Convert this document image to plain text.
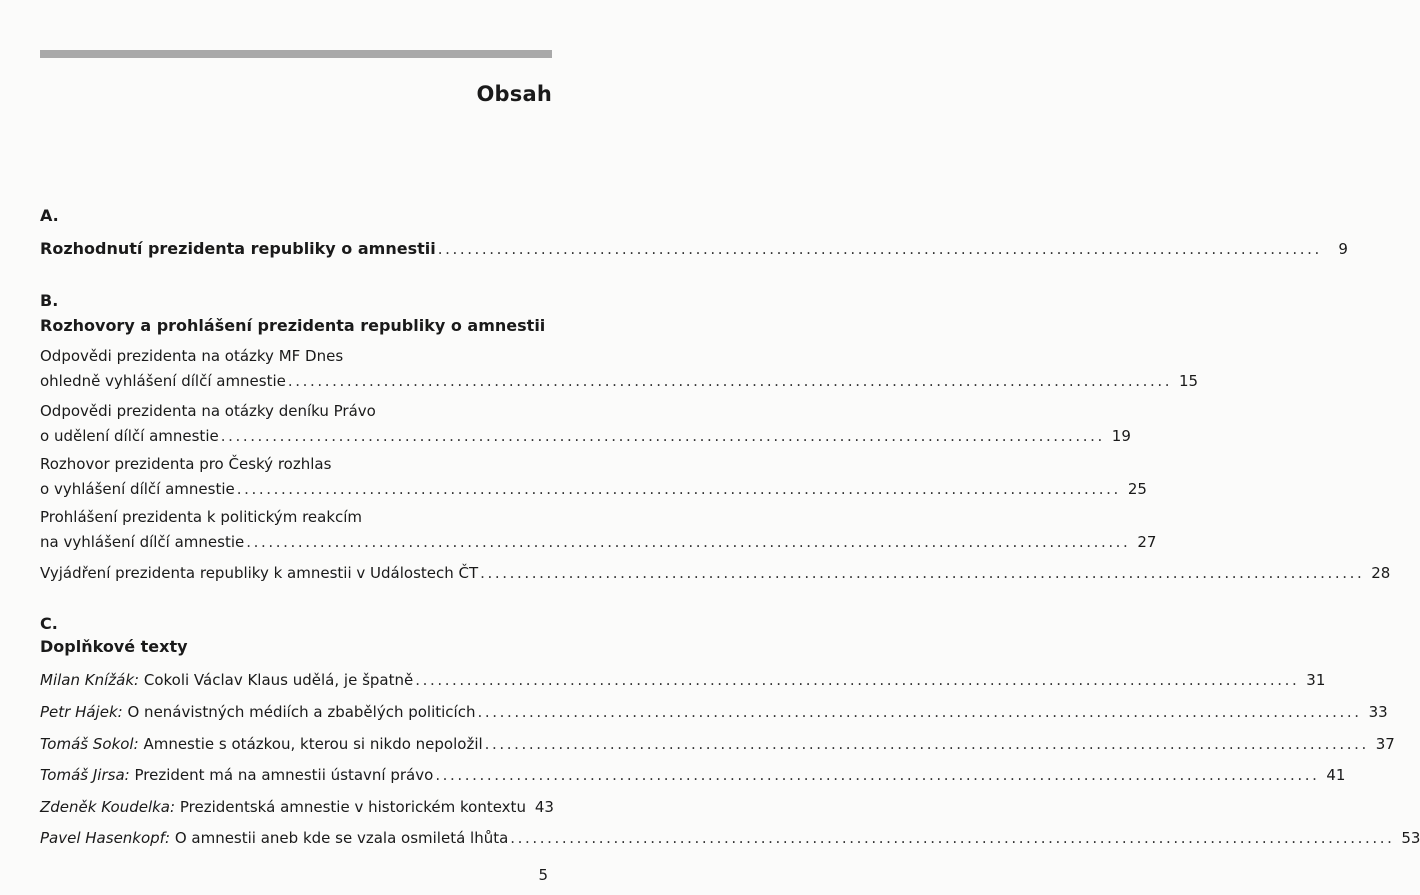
Obsah
A.
Rozhodnutí prezidenta republiky o amnestii ........................................................................................................................	9
B.
Rozhovory a prohlášení prezidenta republiky o amnestii
Odpovědi prezidenta na otázky MF Dnes
ohledně vyhlášení dílčí amnestie ........................................................................................................................ 15
Odpovědi prezidenta na otázky deníku Právo
o udělení dílčí amnestie ........................................................................................................................ 19
Rozhovor prezidenta pro Český rozhlas
o vyhlášení dílčí amnestie ........................................................................................................................ 25
Prohlášení prezidenta k politickým reakcím
na vyhlášení dílčí amnestie ........................................................................................................................ 27
Vyjádření prezidenta republiky k amnestii v Událostech ČT ........................................................................................................................ 28
C.
Doplňkové texty
Milan Knížák:
Cokoli Václav Klaus udělá, je špatně ........................................................................................................................ 31
Petr Hájek:
O nenávistných médiích a zbabělých politicích ........................................................................................................................ 33
Tomáš Sokol:
Amnestie s otázkou, kterou si nikdo nepoložil ........................................................................................................................ 37
Tomáš Jirsa:
Prezident má na amnestii ústavní právo ........................................................................................................................ 41
Zdeněk Koudelka:
Prezidentská amnestie v historickém kontextu 43
Pavel Hasenkopf:
O amnestii aneb kde se vzala osmiletá lhůta ........................................................................................................................ 53
5
